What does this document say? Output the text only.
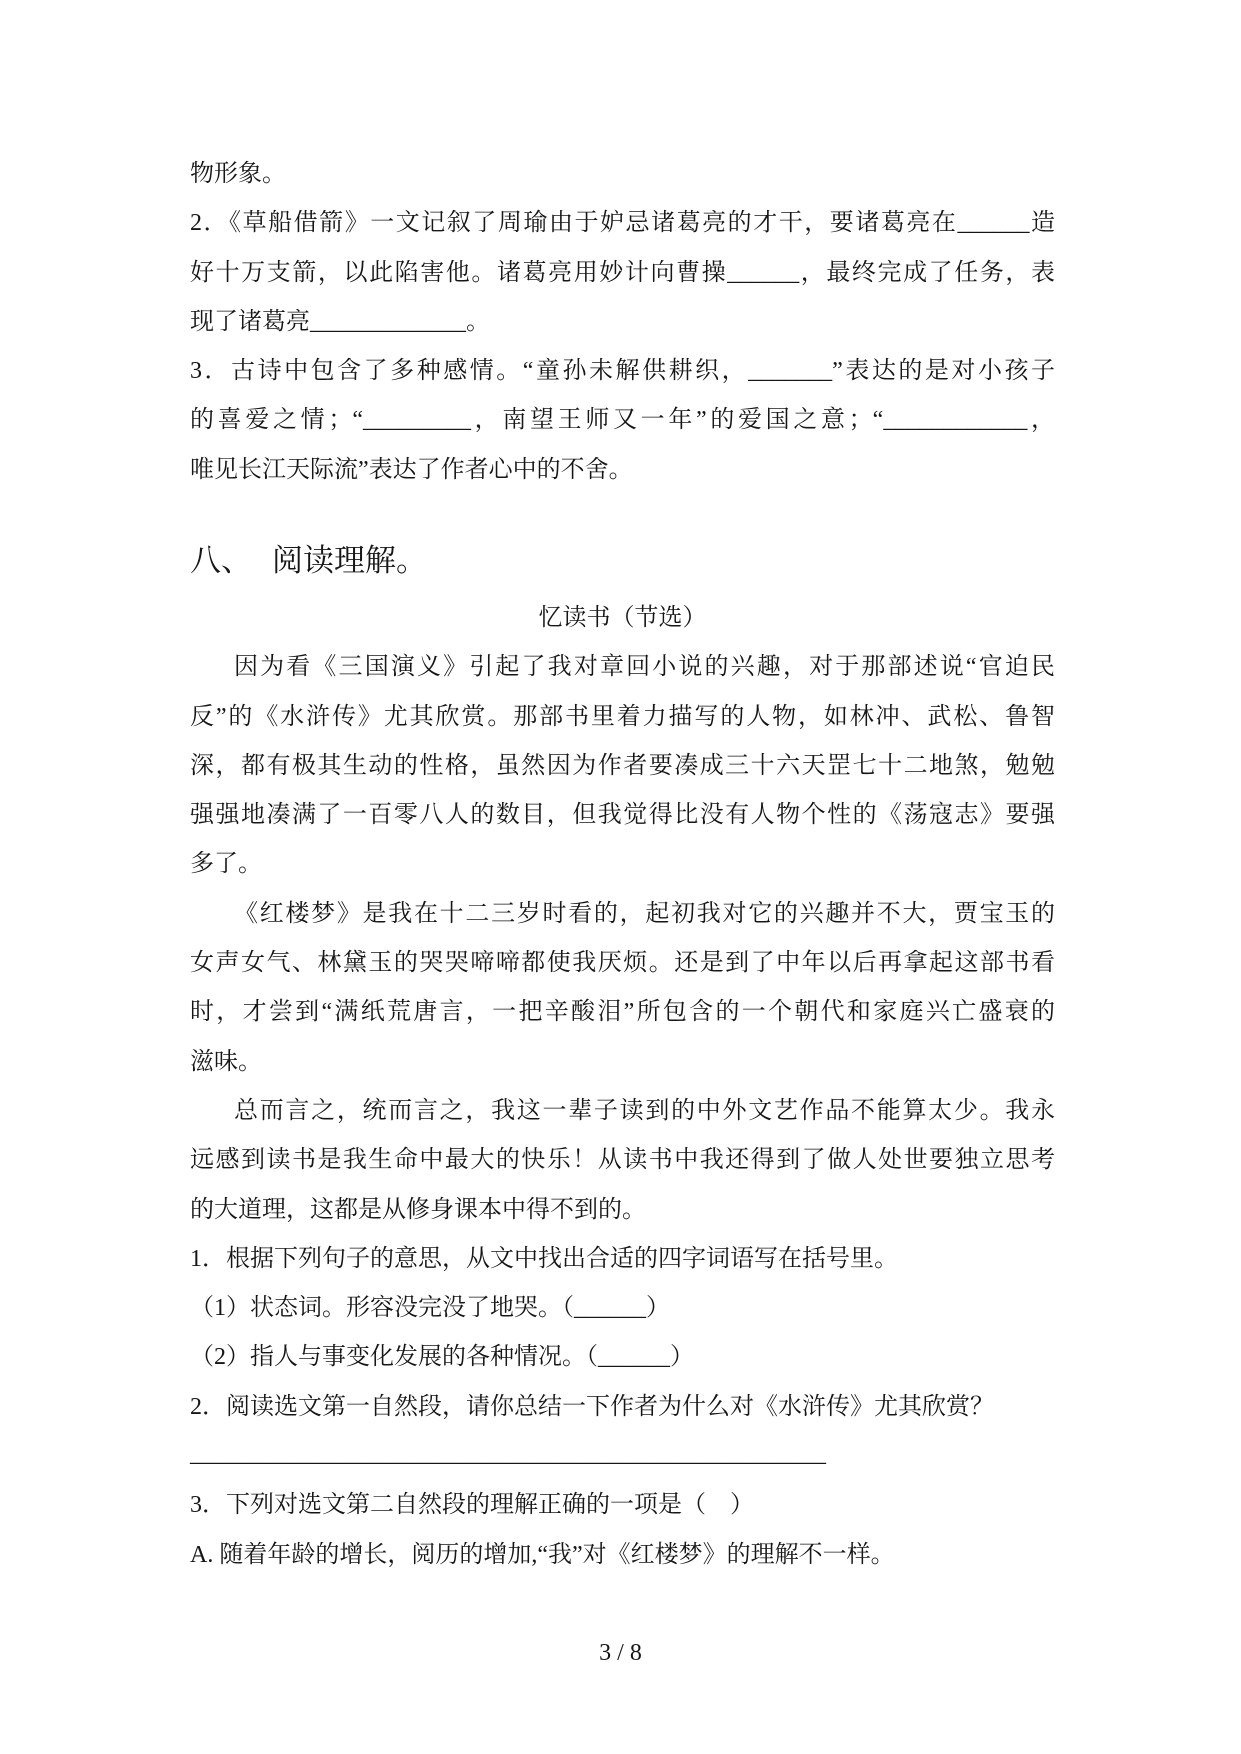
物形象。
2．《草船借箭》一文记叙了周瑜由于妒忌诸葛亮的才干，要诸葛亮在______造
好十万支箭，以此陷害他。诸葛亮用妙计向曹操______，最终完成了任务，表
现了诸葛亮_____________。
3．古诗中包含了多种感情。“童孙未解供耕织，_______”表达的是对小孩子
的喜爱之情；“_________，南望王师又一年”的爱国之意；“____________，
唯见长江天际流”表达了作者心中的不舍。
八、 阅读理解。
忆读书（节选）
因为看《三国演义》引起了我对章回小说的兴趣，对于那部述说“官迫民
反”的《水浒传》尤其欣赏。那部书里着力描写的人物，如林冲、武松、鲁智
深，都有极其生动的性格，虽然因为作者要凑成三十六天罡七十二地煞，勉勉
强强地凑满了一百零八人的数目，但我觉得比没有人物个性的《荡寇志》要强
多了。
《红楼梦》是我在十二三岁时看的，起初我对它的兴趣并不大，贾宝玉的
女声女气、林黛玉的哭哭啼啼都使我厌烦。还是到了中年以后再拿起这部书看
时，才尝到“满纸荒唐言，一把辛酸泪”所包含的一个朝代和家庭兴亡盛衰的
滋味。
总而言之，统而言之，我这一辈子读到的中外文艺作品不能算太少。我永
远感到读书是我生命中最大的快乐！从读书中我还得到了做人处世要独立思考
的大道理，这都是从修身课本中得不到的。
1．根据下列句子的意思，从文中找出合适的四字词语写在括号里。
（1）状态词。形容没完没了地哭。（______）
（2）指人与事变化发展的各种情况。（______）
2．阅读选文第一自然段，请你总结一下作者为什么对《水浒传》尤其欣赏？
_____________________________________________________
3．下列对选文第二自然段的理解正确的一项是（　）
A. 随着年龄的增长，阅历的增加,“我”对《红楼梦》的理解不一样。
3 / 8
